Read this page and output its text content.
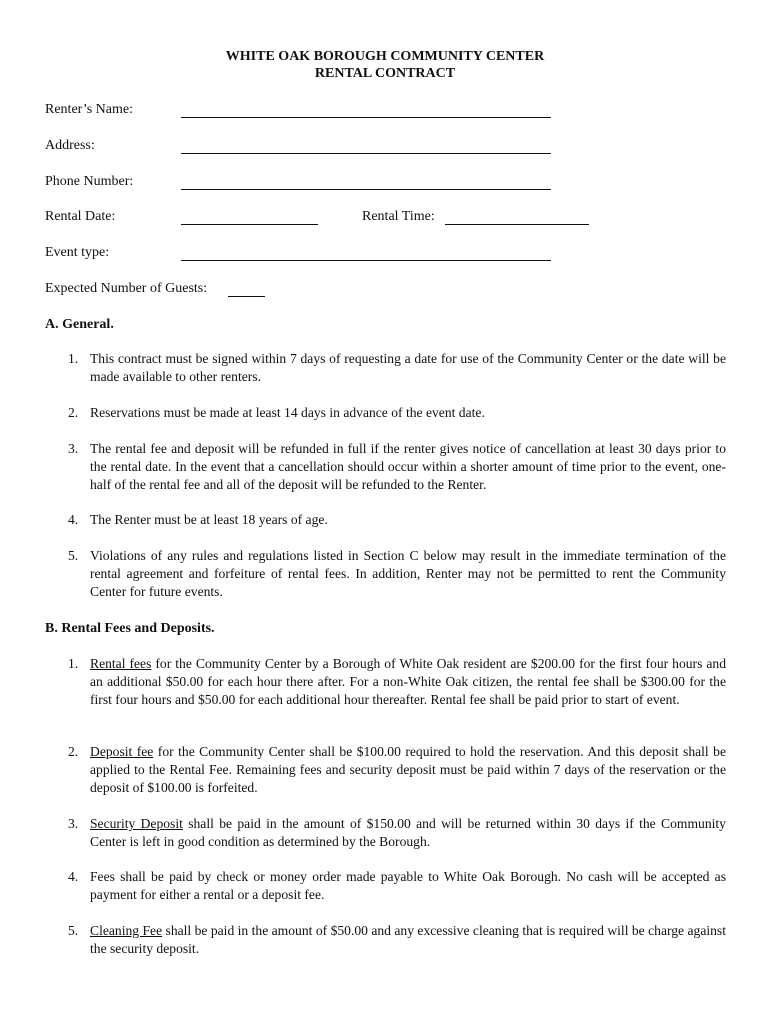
WHITE OAK BOROUGH COMMUNITY CENTER
RENTAL CONTRACT
Renter’s Name:
Address:
Phone Number:
Rental Date:	Rental Time:
Event type:
Expected Number of Guests:
A. General.
1. This contract must be signed within 7 days of requesting a date for use of the Community Center or the date will be made available to other renters.
2. Reservations must be made at least 14 days in advance of the event date.
3. The rental fee and deposit will be refunded in full if the renter gives notice of cancellation at least 30 days prior to the rental date. In the event that a cancellation should occur within a shorter amount of time prior to the event, one-half of the rental fee and all of the deposit will be refunded to the Renter.
4. The Renter must be at least 18 years of age.
5. Violations of any rules and regulations listed in Section C below may result in the immediate termination of the rental agreement and forfeiture of rental fees. In addition, Renter may not be permitted to rent the Community Center for future events.
B. Rental Fees and Deposits.
1. Rental fees for the Community Center by a Borough of White Oak resident are $200.00 for the first four hours and an additional $50.00 for each hour there after. For a non-White Oak citizen, the rental fee shall be $300.00 for the first four hours and $50.00 for each additional hour thereafter. Rental fee shall be paid prior to start of event.
2. Deposit fee for the Community Center shall be $100.00 required to hold the reservation. And this deposit shall be applied to the Rental Fee. Remaining fees and security deposit must be paid within 7 days of the reservation or the deposit of $100.00 is forfeited.
3. Security Deposit shall be paid in the amount of $150.00 and will be returned within 30 days if the Community Center is left in good condition as determined by the Borough.
4. Fees shall be paid by check or money order made payable to White Oak Borough. No cash will be accepted as payment for either a rental or a deposit fee.
5. Cleaning Fee shall be paid in the amount of $50.00 and any excessive cleaning that is required will be charge against the security deposit.
